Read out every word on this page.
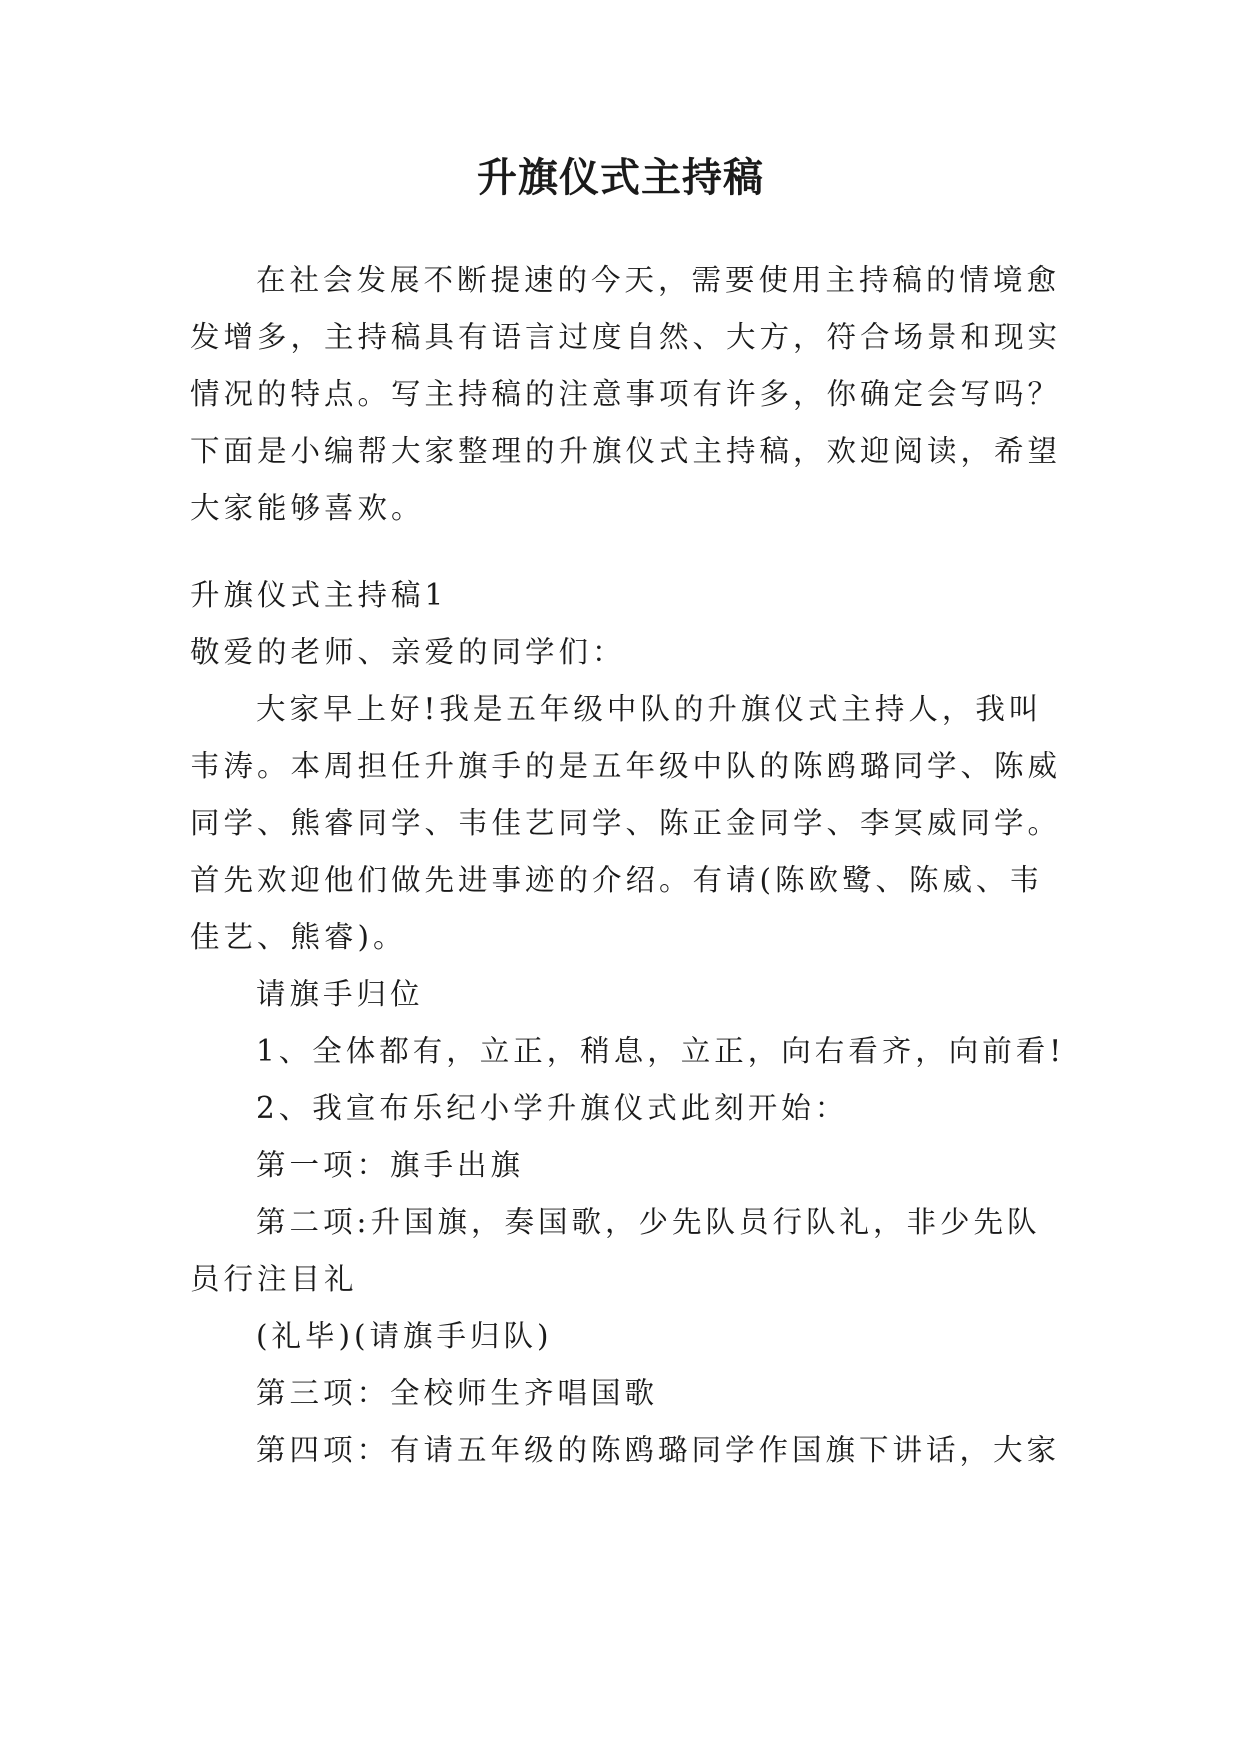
升旗仪式主持稿
在社会发展不断提速的今天，需要使用主持稿的情境愈
发增多，主持稿具有语言过度自然、大方，符合场景和现实
情况的特点。写主持稿的注意事项有许多，你确定会写吗？
下面是小编帮大家整理的升旗仪式主持稿，欢迎阅读，希望
大家能够喜欢。
升旗仪式主持稿1
敬爱的老师、亲爱的同学们：
大家早上好!我是五年级中队的升旗仪式主持人，我叫
韦涛。本周担任升旗手的是五年级中队的陈鸥璐同学、陈威
同学、熊睿同学、韦佳艺同学、陈正金同学、李冥威同学。
首先欢迎他们做先进事迹的介绍。有请(陈欧鹭、陈威、韦
佳艺、熊睿)。
请旗手归位
1、全体都有，立正，稍息，立正，向右看齐，向前看!
2、我宣布乐纪小学升旗仪式此刻开始：
第一项：旗手出旗
第二项:升国旗，奏国歌，少先队员行队礼，非少先队
员行注目礼
(礼毕)(请旗手归队)
第三项：全校师生齐唱国歌
第四项：有请五年级的陈鸥璐同学作国旗下讲话，大家
